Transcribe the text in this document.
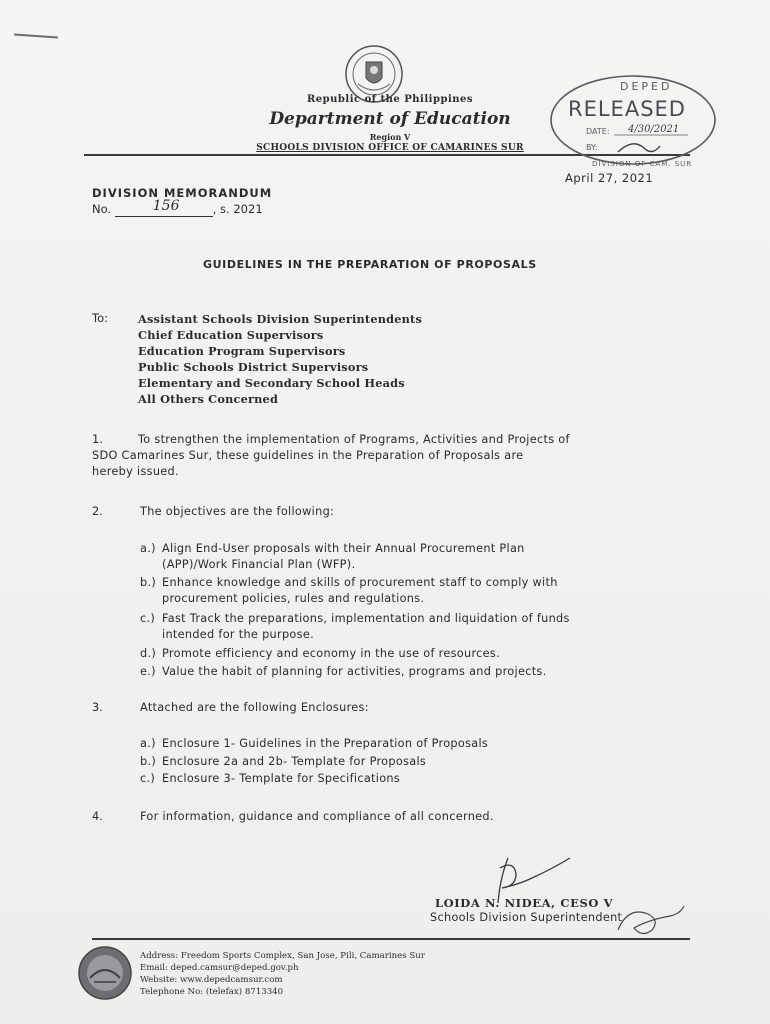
Republic of the Philippines
Department of Education
Region V
SCHOOLS DIVISION OFFICE OF CAMARINES SUR
DEPED
RELEASED
DATE: 4/30/2021
BY:
DIVISION OF CAM. SUR
April 27, 2021
DIVISION MEMORANDUM
No.	156	, s. 2021
GUIDELINES IN THE PREPARATION OF PROPOSALS
To:	Assistant Schools Division Superintendents
Chief Education Supervisors
Education Program Supervisors
Public Schools District Supervisors
Elementary and Secondary School Heads
All Others Concerned
1.	To strengthen the implementation of Programs, Activities and Projects of
SDO Camarines Sur, these guidelines in the Preparation of Proposals are
hereby issued.
2.	The objectives are the following:
a.) Align End-User proposals with their Annual Procurement Plan
(APP)/Work Financial Plan (WFP).
b.) Enhance knowledge and skills of procurement staff to comply with
procurement policies, rules and regulations.
c.) Fast Track the preparations, implementation and liquidation of funds
intended for the purpose.
d.) Promote efficiency and economy in the use of resources.
e.) Value the habit of planning for activities, programs and projects.
3.	Attached are the following Enclosures:
a.) Enclosure 1- Guidelines in the Preparation of Proposals
b.) Enclosure 2a and 2b- Template for Proposals
c.) Enclosure 3- Template for Specifications
4.	For information, guidance and compliance of all concerned.
LOIDA N. NIDEA, CESO V
Schools Division Superintendent
Address: Freedom Sports Complex, San Jose, Pili, Camarines Sur
Email: deped.camsur@deped.gov.ph
Website: www.depedcamsur.com
Telephone No: (telefax) 8713340
